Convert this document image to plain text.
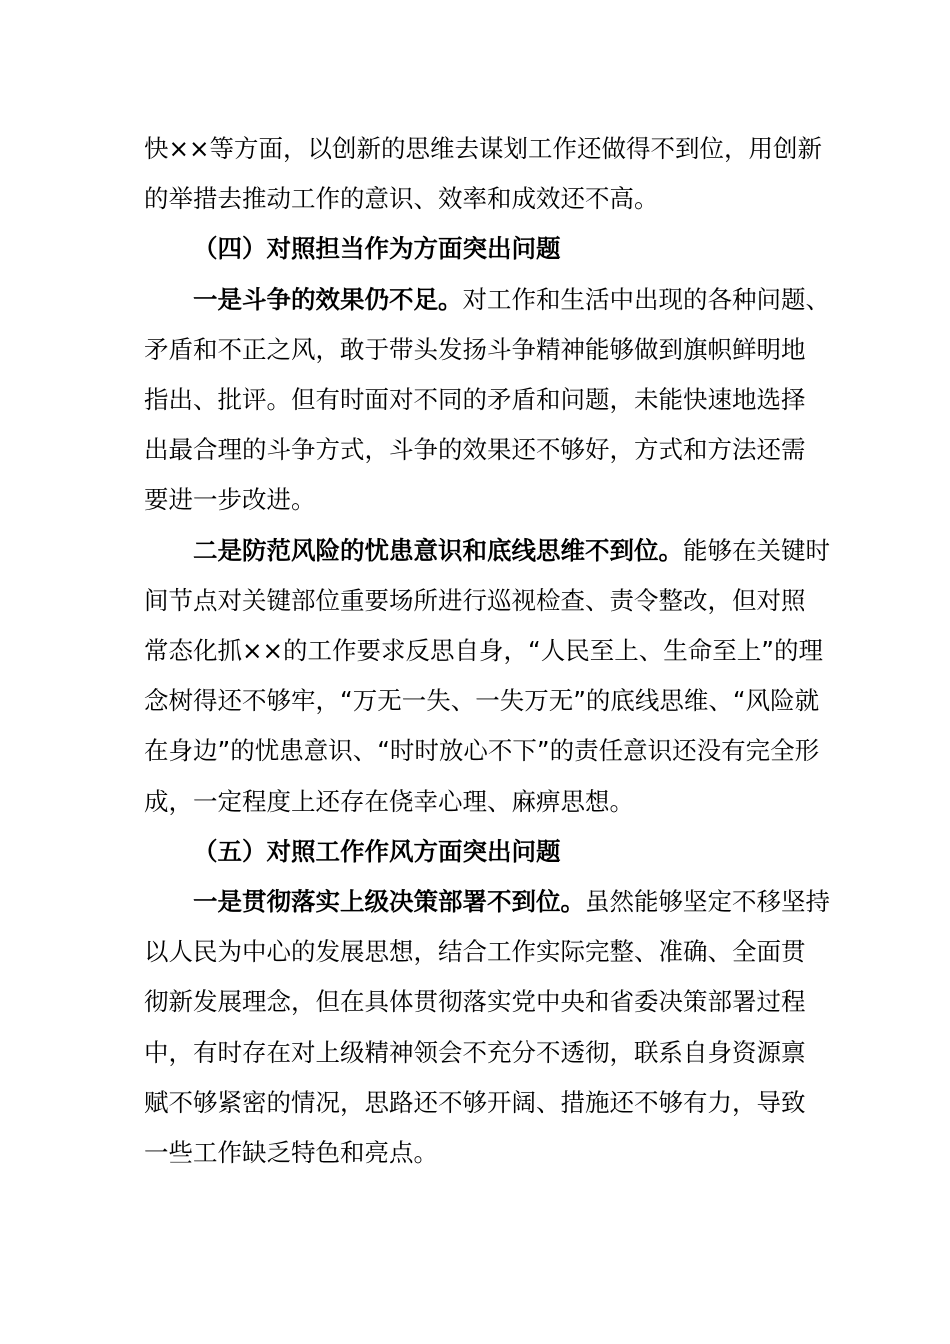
快××等方面，以创新的思维去谋划工作还做得不到位，用创新
的举措去推动工作的意识、效率和成效还不高。

（四）对照担当作为方面突出问题

一是斗争的效果仍不足。对工作和生活中出现的各种问题、
矛盾和不正之风，敢于带头发扬斗争精神能够做到旗帜鲜明地
指出、批评。但有时面对不同的矛盾和问题，未能快速地选择
出最合理的斗争方式，斗争的效果还不够好，方式和方法还需
要进一步改进。

二是防范风险的忧患意识和底线思维不到位。能够在关键时
间节点对关键部位重要场所进行巡视检查、责令整改，但对照
常态化抓××的工作要求反思自身，“人民至上、生命至上”的理
念树得还不够牢，“万无一失、一失万无”的底线思维、“风险就
在身边”的忧患意识、“时时放心不下”的责任意识还没有完全形
成，一定程度上还存在侥幸心理、麻痹思想。

（五）对照工作作风方面突出问题

一是贯彻落实上级决策部署不到位。虽然能够坚定不移坚持
以人民为中心的发展思想，结合工作实际完整、准确、全面贯
彻新发展理念，但在具体贯彻落实党中央和省委决策部署过程
中，有时存在对上级精神领会不充分不透彻，联系自身资源禀
赋不够紧密的情况，思路还不够开阔、措施还不够有力，导致
一些工作缺乏特色和亮点。
